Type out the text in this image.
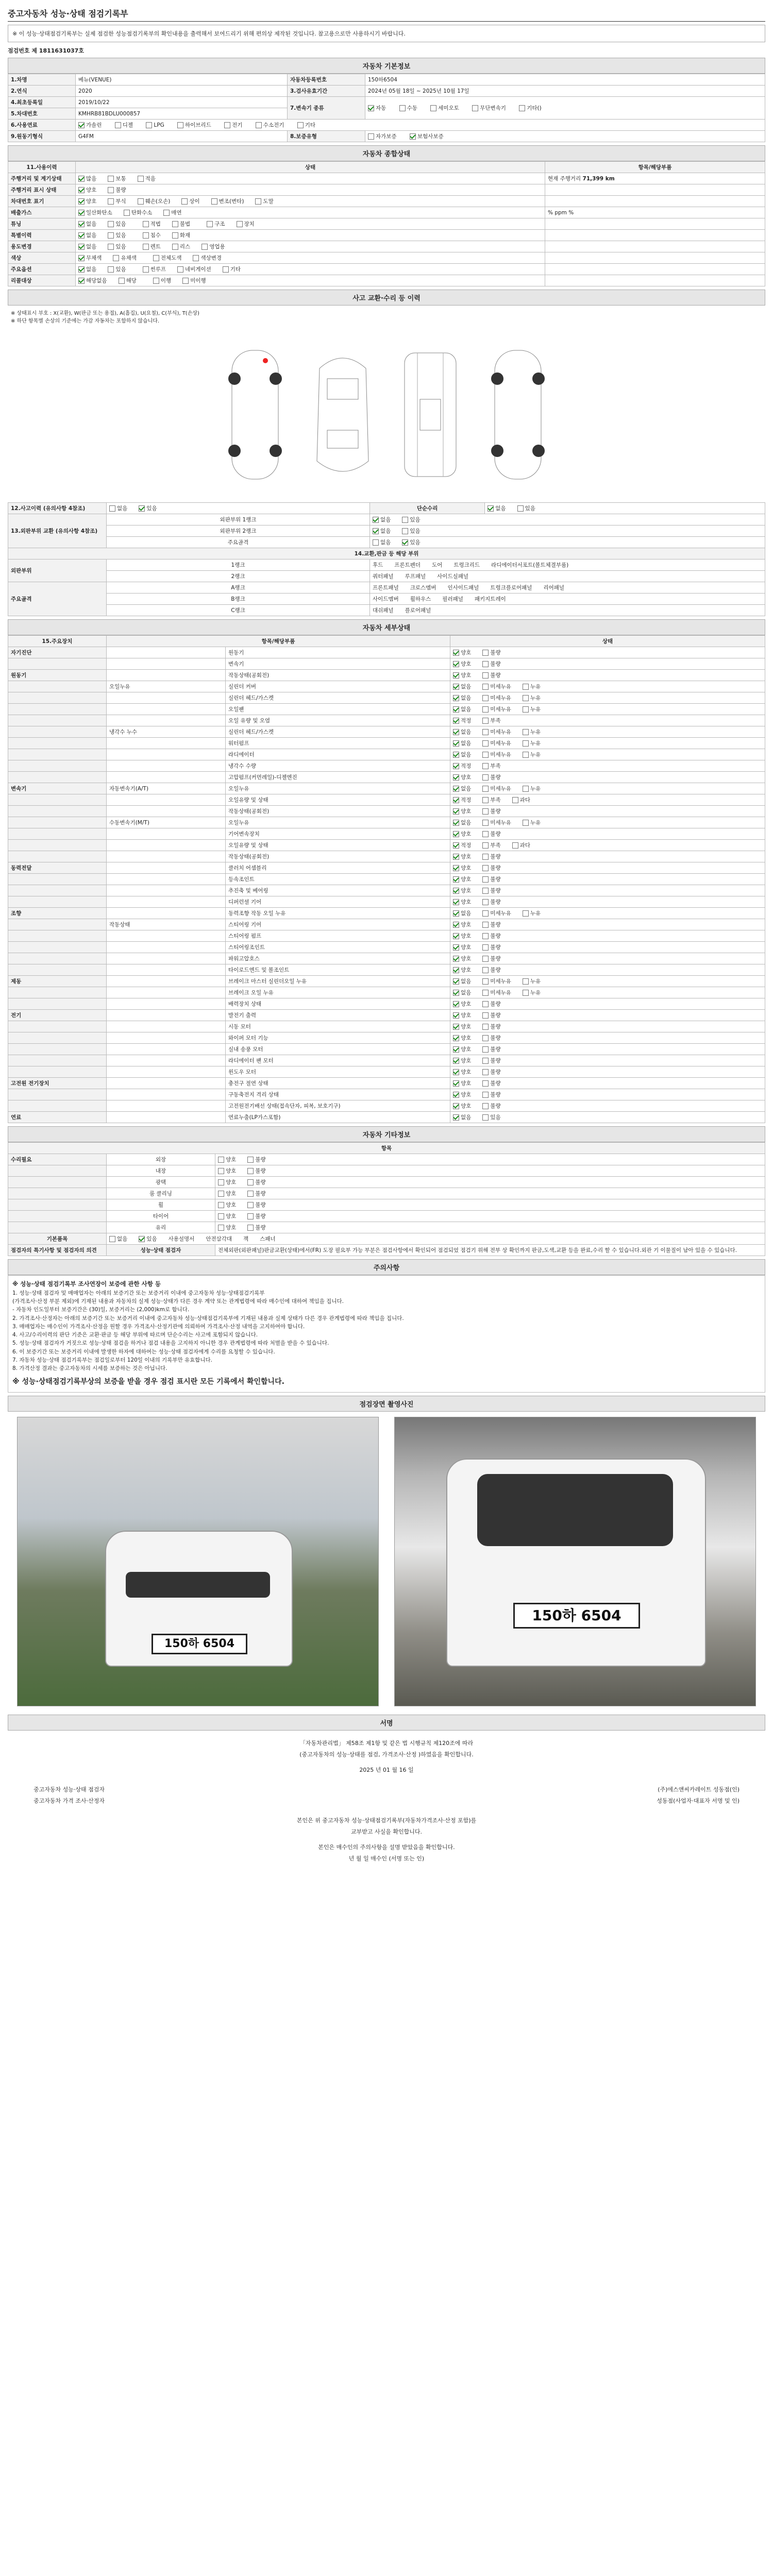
중고자동차 성능·상태 점검기록부
※ 이 성능·상태점검기록부는 실제 점검한 성능점검기록부의 확인내용을 출력해서 보여드리기 위해 편의상 제작된 것입니다. 참고용으로만 사용하시기 바랍니다.
점검번호 제 1811631037호
자동차 기본정보
1.차명	베뉴(VENUE)	자동차등록번호	150하6504
2.연식	2020	3.검사유효기간	2024년 05월 18일 ~ 2025년 10월 17일
4.최초등록일	2019/10/22	7.변속기 종류	자동 수동 세미오토 무단변속기 기타()
5.차대번호	KMHRB81BDLU000857		
6.사용연료	가솔린 디젤 LPG 하이브리드 전기 수소전기 기타		
9.원동기형식	G4FM	8.보증유형	자가보증 보험사보증
자동차 종합상태
11.사용이력	상태	항목/해당부품
주행거리 및 계기상태	많음 보통 적음	현재 주행거리 71,399 km
주행거리 표시 상태	양호 불량	
차대번호 표기	양호 부식 훼손(오손) 상이 변조(변타) 도말	
배출가스	일산화탄소 탄화수소 매연	% ppm %
튜닝	없음 있음 적법 불법 구조 장치	
특별이력	없음 있음 침수 화재	
용도변경	없음 있음 렌트 리스 영업용	
색상	무채색 유채색 전체도색 색상변경	
주요옵션	없음 있음 썬루프 네비게이션 기타	
리콜대상	해당없음 해당 이행 미이행	
사고 교환·수리 등 이력
※ 상태표시 부호 : X(교환), W(판금 또는 용접), A(흠집), U(요철), C(부식), T(손상)
※ 하단 항목별 손상의 기준에는 가감 자동차는 포함하지 않습니다.
12.사고이력 (유의사항 4참조)	없음 있음	단순수리	없음 있음
13.외판부위 교환 (유의사항 4참조)	외판부위 1랭크	없음 있음	
	외판부위 2랭크	없음 있음	
	주요골격	없음 있음	
14.교환,판금 등 해당 부위			
외판부위	1랭크	후드 프론트펜더 도어 트렁크리드 라디에이터서포트(볼트체결부품)	
	2랭크	쿼터패널 루프패널 사이드실패널	
주요골격	A랭크	프론트패널 크로스멤버 인사이드패널 트렁크플로어패널 리어패널	
	B랭크	사이드멤버 휠하우스 필러패널 패키지트레이	
	C랭크	대쉬패널 플로어패널	
자동차 세부상태
15.주요장치	항목/해당부품		상태
자기진단		원동기	양호 불량
		변속기	양호 불량
원동기		작동상태(공회전)	양호 불량
	오일누유	실린더 커버	없음 미세누유 누유
		실린더 헤드/가스켓	없음 미세누유 누유
		오일팬	없음 미세누유 누유
		오일 유량 및 오염	적정 부족
	냉각수 누수	실린더 헤드/가스켓	없음 미세누유 누유
		워터펌프	없음 미세누유 누유
		라디에이터	없음 미세누유 누유
		냉각수 수량	적정 부족
		고압펌프(커먼레일)-디젤엔진	양호 불량
변속기	자동변속기(A/T)	오일누유	없음 미세누유 누유
		오일유량 및 상태	적정 부족 과다
		작동상태(공회전)	양호 불량
	수동변속기(M/T)	오일누유	없음 미세누유 누유
		기어변속장치	양호 불량
		오일유량 및 상태	적정 부족 과다
		작동상태(공회전)	양호 불량
동력전달		클러치 어셈블리	양호 불량
		등속조인트	양호 불량
		추진축 및 베어링	양호 불량
		디퍼런셜 기어	양호 불량
조향		동력조향 작동 오일 누유	없음 미세누유 누유
	작동상태	스티어링 기어	양호 불량
		스티어링 펌프	양호 불량
		스티어링조인트	양호 불량
		파워고압호스	양호 불량
		타이로드엔드 및 볼조인트	양호 불량
제동		브레이크 마스터 실린더오일 누유	없음 미세누유 누유
		브레이크 오일 누유	없음 미세누유 누유
		배력장치 상태	양호 불량
전기		발전기 출력	양호 불량
		시동 모터	양호 불량
		와이퍼 모터 기능	양호 불량
		실내 송풍 모터	양호 불량
		라디에이터 팬 모터	양호 불량
		윈도우 모터	양호 불량
고전원 전기장치		충전구 절연 상태	양호 불량
		구동축전지 격리 상태	양호 불량
		고전원전기배선 상태(접속단자, 피복, 보호기구)	양호 불량
연료		연료누출(LP가스포함)	없음 있음
자동차 기타정보
항목		
수리필요	외장	양호 불량
	내장	양호 불량
	광택	양호 불량
	룸 클리닝	양호 불량
	휠	양호 불량
	타이어	양호 불량
	유리	양호 불량
기본품목	없음 있음 사용설명서 안전삼각대 잭 스패너	
점검자의 특기사항 및 점검자의 의견	성능·상태 점검자	전체외판(외판패널)판금교환(상태)에서(FR) 도장 필요부 가능 부분은 점검사항에서 확인되어 점검되었 점검기 위해 전부 상 확인까지 판금,도색,교환 등을 완료,수리 할 수 있습니다.외관 기 이물질이 남아 있을 수 있습니다.
주의사항
※ 성능·상태 점검기록부 조사연장이 보증에 관한 사항 등
1. 성능·상태 점검자 및 매매업자는 아래의 보증기간 또는 보증거리 이내에 중고자동차 성능·상태점검기록부
(가격조사·산정 부분 제외)에 기재된 내용과 자동차의 실제 성능·상태가 다른 경우 계약 또는 관계법령에 따라 매수인에 대하여 책임을 집니다.
- 자동차 인도일부터 보증기간은 (30)일, 보증거리는 (2,000)km로 합니다.
2. 가격조사·산정자는 아래의 보증기간 또는 보증거리 이내에 중고자동차 성능·상태점검기록부에 기재된 내용과 실제 상태가 다른 경우 관계법령에 따라 책임을 집니다.
3. 매매업자는 매수인이 가격조사·산정을 원할 경우 가격조사·산정기관에 의뢰하여 가격조사·산정 내역을 고지하여야 합니다.
4. 사고/수리이력의 판단 기준은 교환·판금 등 해당 부위에 따르며 단순수리는 사고에 포함되지 않습니다.
5. 성능·상태 점검자가 거짓으로 성능·상태 점검을 하거나 점검 내용을 고지하지 아니한 경우 관계법령에 따라 처벌을 받을 수 있습니다.
6. 이 보증기간 또는 보증거리 이내에 발생한 하자에 대하여는 성능·상태 점검자에게 수리를 요청할 수 있습니다.
7. 자동차 성능·상태 점검기록부는 점검일로부터 120일 이내의 기록부만 유효합니다.
8. 가격산정 결과는 중고자동차의 시세를 보증하는 것은 아닙니다.
※ 성능·상태점검기록부상의 보증을 받을 경우 점검 표시란 모든 기록에서 확인합니다.
점검장면 촬영사진
150하 6504
150하 6504
서명

「자동차관리법」 제58조 제1항 및 같은 법 시행규칙 제120조에 따라

(중고자동차의 성능·상태를 점검, 가격조사·산정 )하였음을 확인합니다.

2025 년 01 월 16 일

중고자동차 성능·상태 점검자

중고자동차 가격 조사·산정자

(주)에스앤씨카레이트 성동점(인)

성동점(사업자·대표자 서명 및 인)

본인은 위 중고자동차 성능·상태점검기록부(자동차가격조사·산정 포함)를

교부받고 사실을 확인합니다.

본인은 매수인의 주의사항을 설명 받았음을 확인합니다.

년 월 일 매수인 (서명 또는 인)
